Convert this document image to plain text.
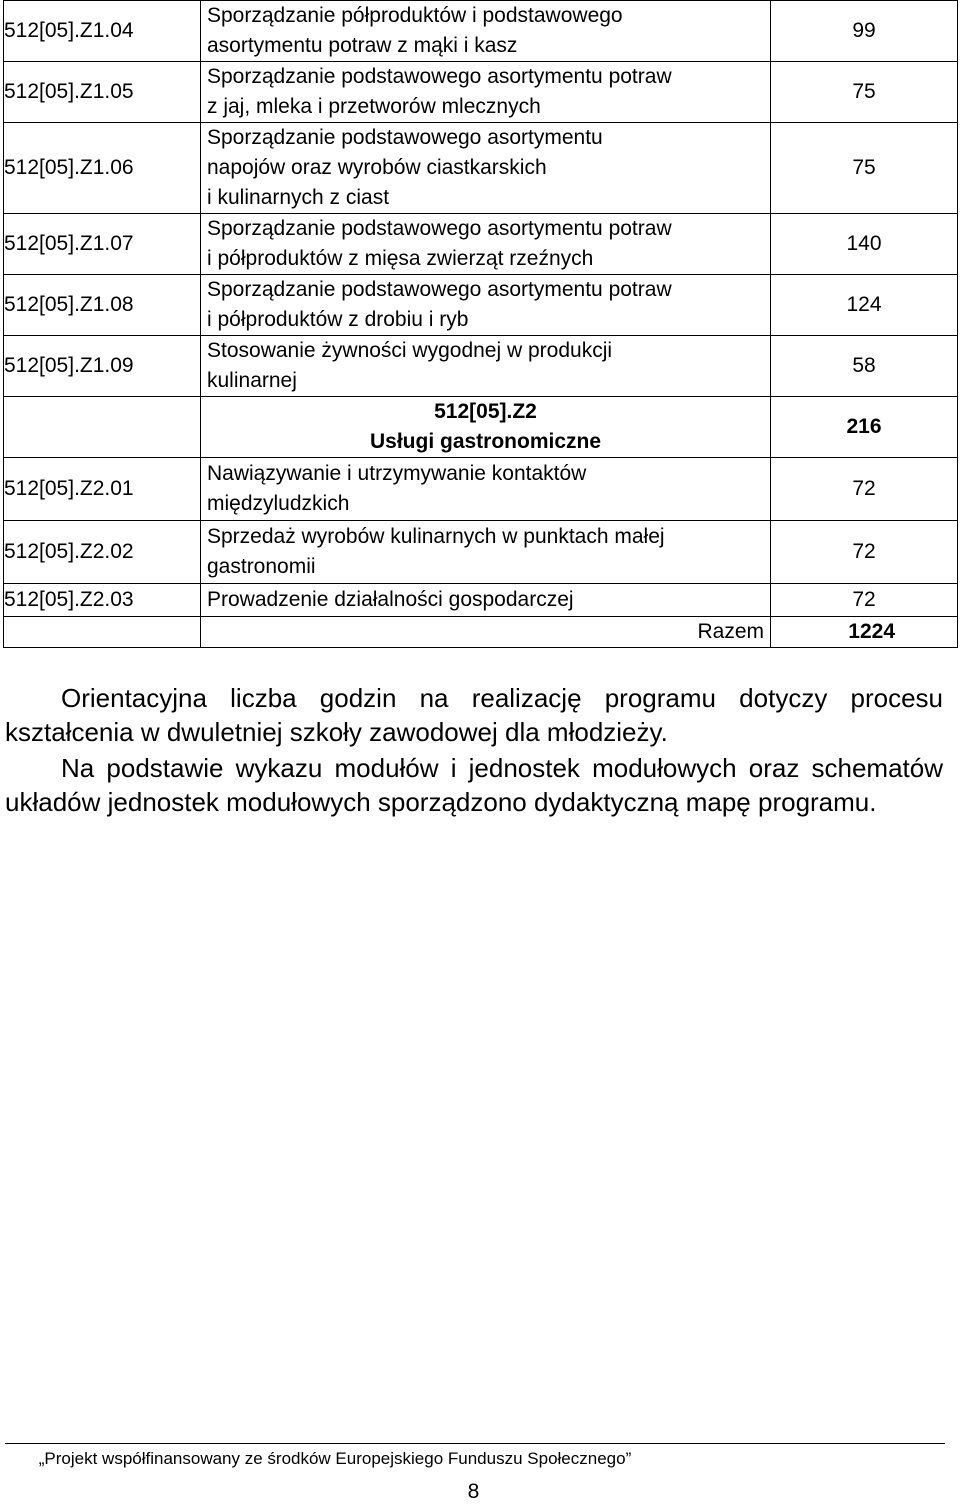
512[05].Z1.04	Sporządzanie półproduktów i podstawowego
asortymentu potraw z mąki i kasz	99
512[05].Z1.05	Sporządzanie podstawowego asortymentu potraw
z jaj, mleka i przetworów mlecznych	75
512[05].Z1.06	Sporządzanie podstawowego asortymentu
napojów oraz wyrobów ciastkarskich
i kulinarnych z ciast	75
512[05].Z1.07	Sporządzanie podstawowego asortymentu potraw
i półproduktów z mięsa zwierząt rzeźnych	140
512[05].Z1.08	Sporządzanie podstawowego asortymentu potraw
i półproduktów z drobiu i ryb	124
512[05].Z1.09	Stosowanie żywności wygodnej w produkcji
kulinarnej	58
	512[05].Z2
Usługi gastronomiczne	216
512[05].Z2.01	Nawiązywanie i utrzymywanie kontaktów
międzyludzkich	72
512[05].Z2.02	Sprzedaż wyrobów kulinarnych w punktach małej
gastronomii	72
512[05].Z2.03	Prowadzenie działalności gospodarczej	72
	Razem	1224

Orientacyjna liczba godzin na realizację programu dotyczy procesu kształcenia w dwuletniej szkoły zawodowej dla młodzieży.

Na podstawie wykazu modułów i jednostek modułowych oraz schematów układów jednostek modułowych sporządzono dydaktyczną mapę programu.

„Projekt współfinansowany ze środków Europejskiego Funduszu Społecznego”
8
